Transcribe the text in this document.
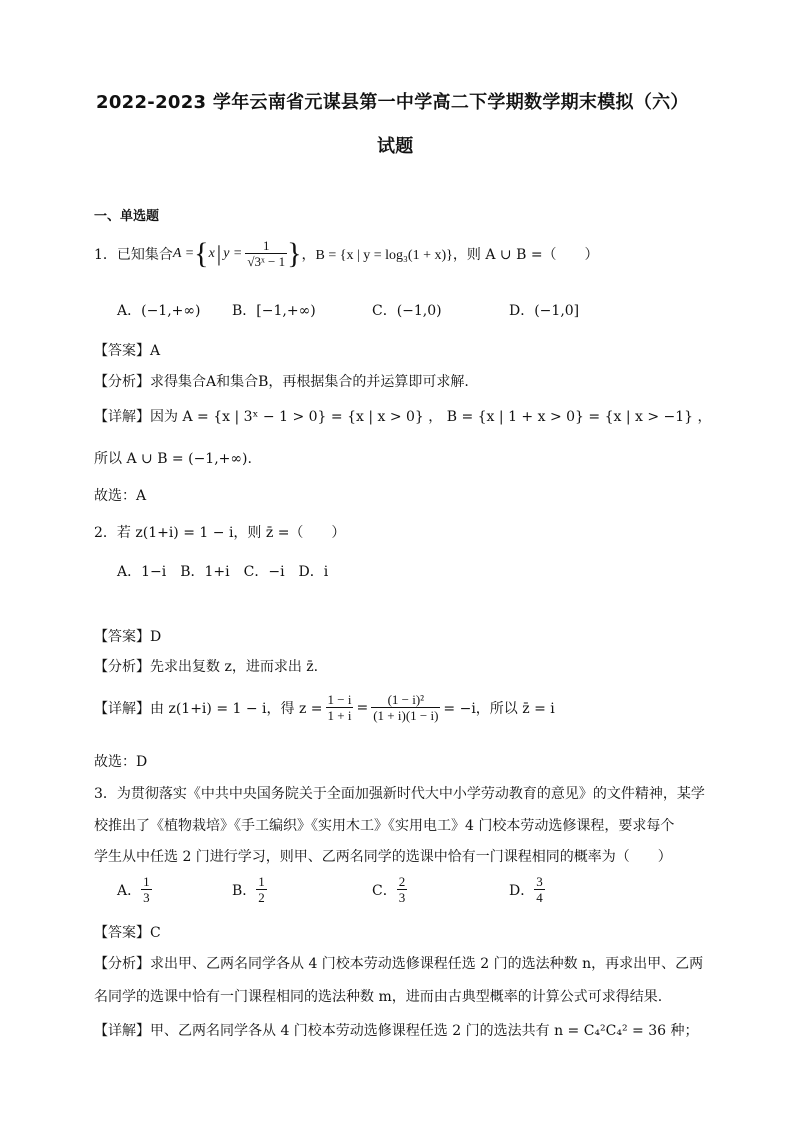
2022-2023 学年云南省元谋县第一中学高二下学期数学期末模拟（六）
试题
一、单选题
1．已知集合 A = { x | $y = \frac{1}{\text{√3ˣ − 1}}$ } ，B = {x | y = log₃(1 + x)} ，则 A ∪ B =（　　）
A．(−1,+∞) B．[−1,+∞)	C．(−1,0)	D．(−1,0]
【答案】A
【分析】求得集合A和集合B，再根据集合的并运算即可求解.
【详解】因为 A = {x | 3ˣ − 1 > 0} = {x | x > 0} ， B = {x | 1 + x > 0} = {x | x > −1} ，
所以 A ∪ B = (−1,+∞).
故选：A
2．若 z(1+i) = 1 − i，则 z̄ =（　　）
A．1−i　B．1+i　C．−i　D．i
【答案】D
【分析】先求出复数 z，进而求出 z̄.
【详解】 由 z(1+i) = 1 − i，得 $z = \frac{1 - i}{1 + i} = \frac{\text{(1 − i)²}}{(1 + i)(1 - i)} = -i$，所以 z̄ = i
故选：D
3．为贯彻落实《中共中央国务院关于全面加强新时代大中小学劳动教育的意见》的文件精神，某学
校推出了《植物栽培》《手工编织》《实用木工》《实用电工》4 门校本劳动选修课程，要求每个
学生从中任选 2 门进行学习，则甲、乙两名同学的选课中恰有一门课程相同的概率为（　　）
A． $\frac{1}{3}$	B． $\frac{1}{2}$	C． $\frac{2}{3}$	D． $\frac{3}{4}$
【答案】C
【分析】求出甲、乙两名同学各从 4 门校本劳动选修课程任选 2 门的选法种数 n，再求出甲、乙两
名同学的选课中恰有一门课程相同的选法种数 m，进而由古典型概率的计算公式可求得结果.
【详解】甲、乙两名同学各从 4 门校本劳动选修课程任选 2 门的选法共有 n = C₄²C₄² = 36 种；
